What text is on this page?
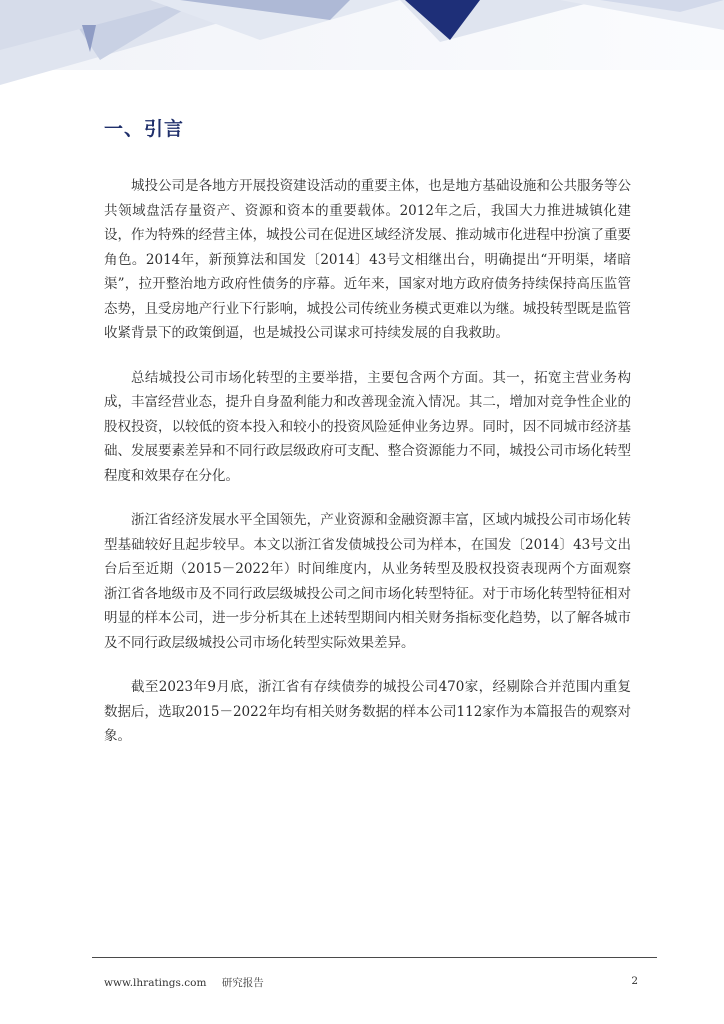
一、引言

城投公司是各地方开展投资建设活动的重要主体，也是地方基础设施和公共服务等公共领域盘活存量资产、资源和资本的重要载体。2012年之后，我国大力推进城镇化建设，作为特殊的经营主体，城投公司在促进区域经济发展、推动城市化进程中扮演了重要角色。2014年，新预算法和国发〔2014〕43号文相继出台，明确提出“开明渠，堵暗渠”，拉开整治地方政府性债务的序幕。近年来，国家对地方政府债务持续保持高压监管态势，且受房地产行业下行影响，城投公司传统业务模式更难以为继。城投转型既是监管收紧背景下的政策倒逼，也是城投公司谋求可持续发展的自我救助。

总结城投公司市场化转型的主要举措，主要包含两个方面。其一，拓宽主营业务构成，丰富经营业态，提升自身盈利能力和改善现金流入情况。其二，增加对竞争性企业的股权投资，以较低的资本投入和较小的投资风险延伸业务边界。同时，因不同城市经济基础、发展要素差异和不同行政层级政府可支配、整合资源能力不同，城投公司市场化转型程度和效果存在分化。

浙江省经济发展水平全国领先，产业资源和金融资源丰富，区域内城投公司市场化转型基础较好且起步较早。本文以浙江省发债城投公司为样本，在国发〔2014〕43号文出台后至近期（2015－2022年）时间维度内，从业务转型及股权投资表现两个方面观察浙江省各地级市及不同行政层级城投公司之间市场化转型特征。对于市场化转型特征相对明显的样本公司，进一步分析其在上述转型期间内相关财务指标变化趋势，以了解各城市及不同行政层级城投公司市场化转型实际效果差异。

截至2023年9月底，浙江省有存续债券的城投公司470家，经剔除合并范围内重复数据后，选取2015－2022年均有相关财务数据的样本公司112家作为本篇报告的观察对象。

www.lhratings.com 研究报告	2
